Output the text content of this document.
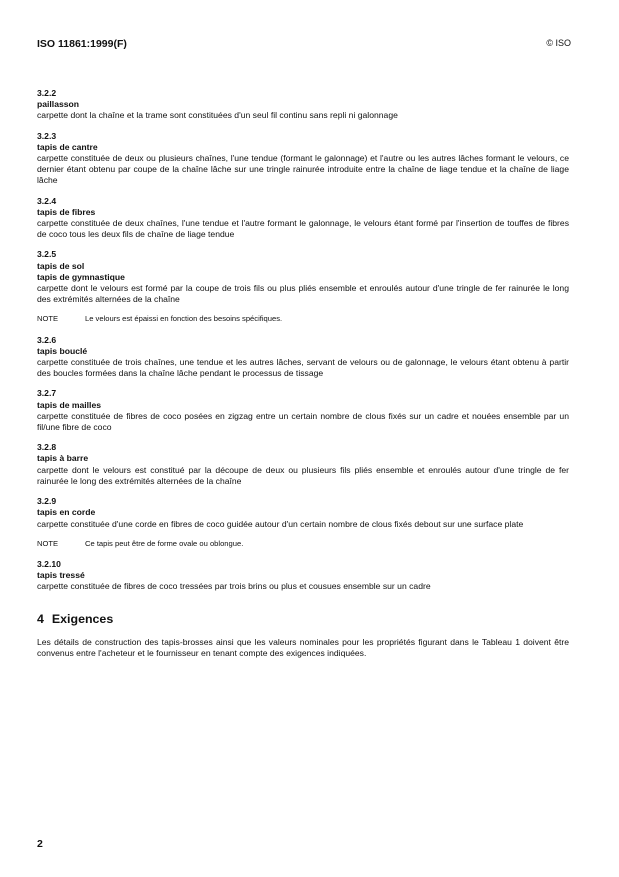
ISO 11861:1999(F)	© ISO
3.2.2
paillasson
carpette dont la chaîne et la trame sont constituées d'un seul fil continu sans repli ni galonnage
3.2.3
tapis de cantre
carpette constituée de deux ou plusieurs chaînes, l'une tendue (formant le galonnage) et l'autre ou les autres lâches formant le velours, ce dernier étant obtenu par coupe de la chaîne lâche sur une tringle rainurée introduite entre la chaîne de liage tendue et la chaîne de liage lâche
3.2.4
tapis de fibres
carpette constituée de deux chaînes, l'une tendue et l'autre formant le galonnage, le velours étant formé par l'insertion de touffes de fibres de coco tous les deux fils de chaîne de liage tendue
3.2.5
tapis de sol
tapis de gymnastique
carpette dont le velours est formé par la coupe de trois fils ou plus pliés ensemble et enroulés autour d'une tringle de fer rainurée le long des extrémités alternées de la chaîne
NOTE	Le velours est épaissi en fonction des besoins spécifiques.
3.2.6
tapis bouclé
carpette constituée de trois chaînes, une tendue et les autres lâches, servant de velours ou de galonnage, le velours étant obtenu à partir des boucles formées dans la chaîne lâche pendant le processus de tissage
3.2.7
tapis de mailles
carpette constituée de fibres de coco posées en zigzag entre un certain nombre de clous fixés sur un cadre et nouées ensemble par un fil/une fibre de coco
3.2.8
tapis à barre
carpette dont le velours est constitué par la découpe de deux ou plusieurs fils pliés ensemble et enroulés autour d'une tringle de fer rainurée le long des extrémités alternées de la chaîne
3.2.9
tapis en corde
carpette constituée d'une corde en fibres de coco guidée autour d'un certain nombre de clous fixés debout sur une surface plate
NOTE	Ce tapis peut être de forme ovale ou oblongue.
3.2.10
tapis tressé
carpette constituée de fibres de coco tressées par trois brins ou plus et cousues ensemble sur un cadre
4 Exigences
Les détails de construction des tapis-brosses ainsi que les valeurs nominales pour les propriétés figurant dans le Tableau 1 doivent être convenus entre l'acheteur et le fournisseur en tenant compte des exigences indiquées.
2
